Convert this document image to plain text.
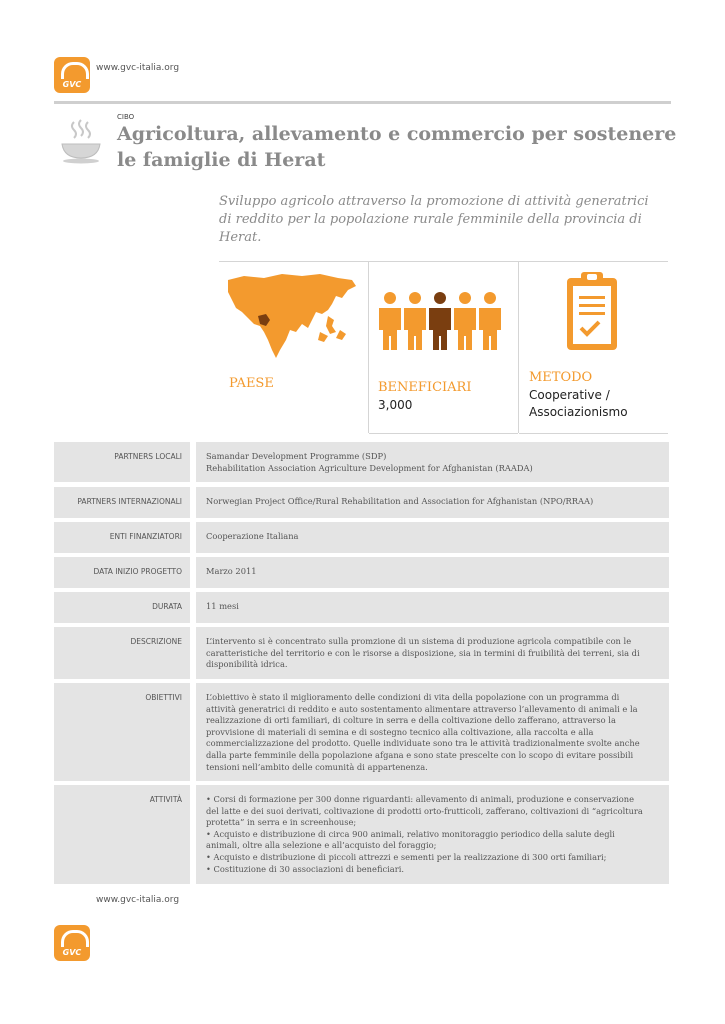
GVC
www.gvc-italia.org
CIBO
Agricoltura, allevamento e commercio per sostenere
le famiglie di Herat
Sviluppo agricolo attraverso la promozione di attività generatrici
di reddito per la popolazione rurale femminile della provincia di
Herat.
PAESE	BENEFICIARI
3,000
METODO
Cooperative /
Associazionismo
PARTNERS LOCALI	Samandar Development Programme (SDP)
Rehabilitation Association Agriculture Development for Afghanistan (RAADA)
PARTNERS INTERNAZIONALI	Norwegian Project Office/Rural Rehabilitation and Association for Afghanistan (NPO/RRAA)
ENTI FINANZIATORI	Cooperazione Italiana
DATA INIZIO PROGETTO	Marzo 2011
DURATA	11 mesi
DESCRIZIONE	L’intervento si è concentrato sulla promzione di un sistema di produzione agricola compatibile con le
caratteristiche del territorio e con le risorse a disposizione, sia in termini di fruibilità dei terreni, sia di
disponibilità idrica.
OBIETTIVI	L’obiettivo è stato il miglioramento delle condizioni di vita della popolazione con un programma di
attività generatrici di reddito e auto sostentamento alimentare attraverso l’allevamento di animali e la
realizzazione di orti familiari, di colture in serra e della coltivazione dello zafferano, attraverso la
provvisione di materiali di semina e di sostegno tecnico alla coltivazione, alla raccolta e alla
commercializzazione del prodotto. Quelle individuate sono tra le attività tradizionalmente svolte anche
dalla parte femminile della popolazione afgana e sono state prescelte con lo scopo di evitare possibili
tensioni nell’ambito delle comunità di appartenenza.
ATTIVITÀ	• Corsi di formazione per 300 donne riguardanti: allevamento di animali, produzione e conservazione
del latte e dei suoi derivati, coltivazione di prodotti orto-frutticoli, zafferano, coltivazioni di “agricoltura
protetta” in serra e in screenhouse;
• Acquisto e distribuzione di circa 900 animali, relativo monitoraggio periodico della salute degli
animali, oltre alla selezione e all’acquisto del foraggio;
• Acquisto e distribuzione di piccoli attrezzi e sementi per la realizzazione di 300 orti familiari;
• Costituzione di 30 associazioni di beneficiari.
GVC
www.gvc-italia.org
